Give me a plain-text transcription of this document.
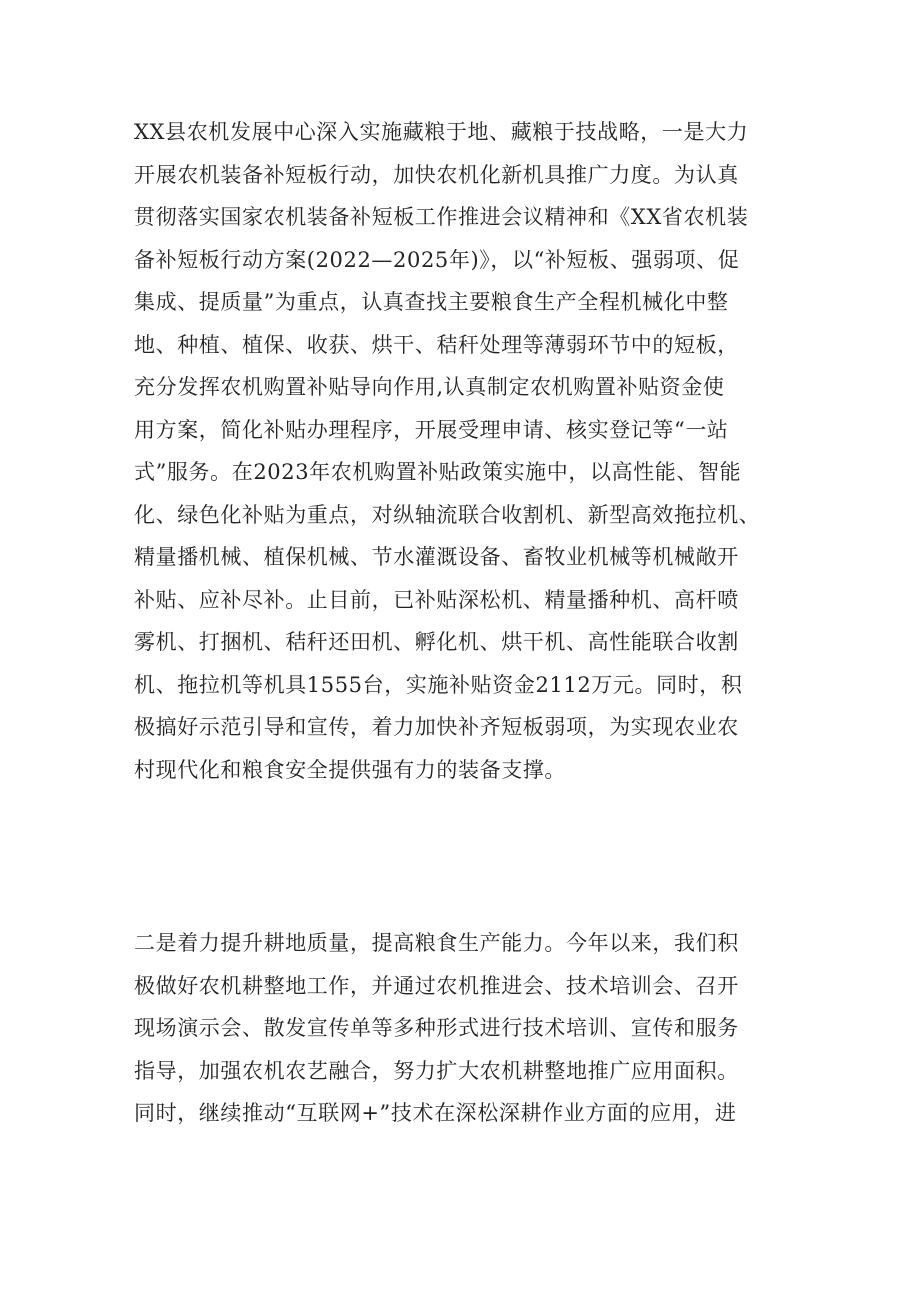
XX县农机发展中心深入实施藏粮于地、藏粮于技战略，一是大力
开展农机装备补短板行动，加快农机化新机具推广力度。为认真
贯彻落实国家农机装备补短板工作推进会议精神和《XX省农机装
备补短板行动方案(2022—2025年)》，以“补短板、强弱项、促
集成、提质量”为重点，认真查找主要粮食生产全程机械化中整
地、种植、植保、收获、烘干、秸秆处理等薄弱环节中的短板，
充分发挥农机购置补贴导向作用,认真制定农机购置补贴资金使
用方案，简化补贴办理程序，开展受理申请、核实登记等“一站
式”服务。在2023年农机购置补贴政策实施中，以高性能、智能
化、绿色化补贴为重点，对纵轴流联合收割机、新型高效拖拉机、
精量播机械、植保机械、节水灌溉设备、畜牧业机械等机械敞开
补贴、应补尽补。止目前，已补贴深松机、精量播种机、高杆喷
雾机、打捆机、秸秆还田机、孵化机、烘干机、高性能联合收割
机、拖拉机等机具1555台，实施补贴资金2112万元。同时，积
极搞好示范引导和宣传，着力加快补齐短板弱项，为实现农业农
村现代化和粮食安全提供强有力的装备支撑。
二是着力提升耕地质量，提高粮食生产能力。今年以来，我们积
极做好农机耕整地工作，并通过农机推进会、技术培训会、召开
现场演示会、散发宣传单等多种形式进行技术培训、宣传和服务
指导，加强农机农艺融合，努力扩大农机耕整地推广应用面积。
同时，继续推动“互联网+”技术在深松深耕作业方面的应用，进
